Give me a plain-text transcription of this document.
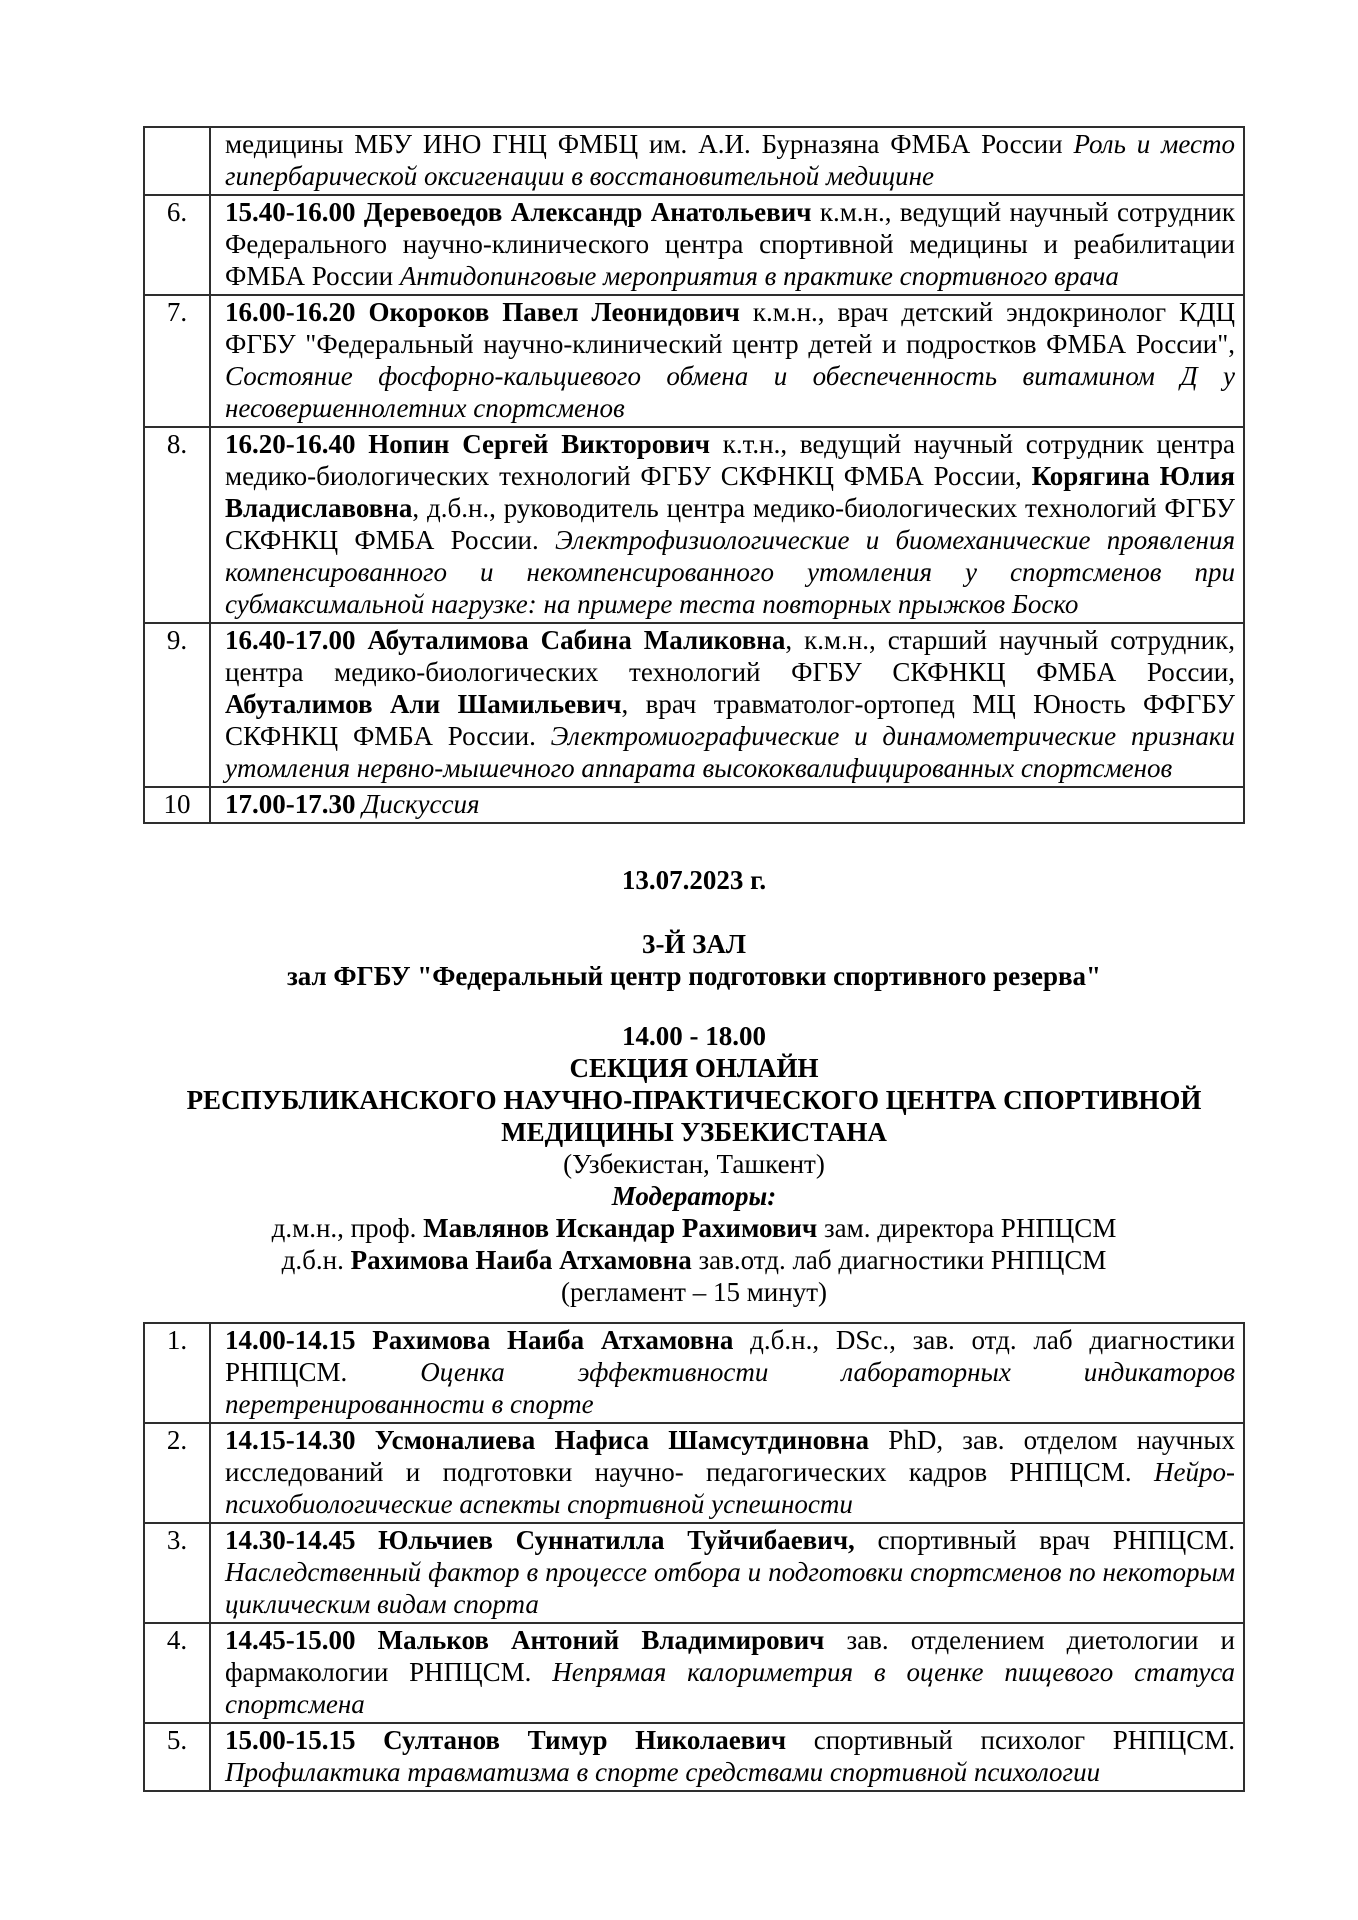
	медицины МБУ ИНО ГНЦ ФМБЦ им. А.И. Бурназяна ФМБА России Роль и место гипербарической оксигенации в восстановительной медицине
6.	15.40-16.00 Деревоедов Александр Анатольевич к.м.н., ведущий научный сотрудник Федерального научно-клинического центра спортивной медицины и реабилитации ФМБА России Антидопинговые мероприятия в практике спортивного врача
7.	16.00-16.20 Окороков Павел Леонидович к.м.н., врач детский эндокринолог КДЦ ФГБУ "Федеральный научно-клинический центр детей и подростков ФМБА России", Состояние фосфорно-кальциевого обмена и обеспеченность витамином Д у несовершеннолетних спортсменов
8.	16.20-16.40 Нопин Сергей Викторович к.т.н., ведущий научный сотрудник центра медико-биологических технологий ФГБУ СКФНКЦ ФМБА России, Корягина Юлия Владиславовна, д.б.н., руководитель центра медико-биологических технологий ФГБУ СКФНКЦ ФМБА России. Электрофизиологические и биомеханические проявления компенсированного и некомпенсированного утомления у спортсменов при субмаксимальной нагрузке: на примере теста повторных прыжков Боско
9.	16.40-17.00 Абуталимова Сабина Маликовна, к.м.н., старший научный сотрудник, центра медико-биологических технологий ФГБУ СКФНКЦ ФМБА России, Абуталимов Али Шамильевич, врач травматолог-ортопед МЦ Юность ФФГБУ СКФНКЦ ФМБА России. Электромиографические и динамометрические признаки утомления нервно-мышечного аппарата высококвалифицированных спортсменов
10	17.00-17.30 Дискуссия
13.07.2023 г.
3-Й ЗАЛ
зал ФГБУ "Федеральный центр подготовки спортивного резерва"
14.00 - 18.00
СЕКЦИЯ ОНЛАЙН
РЕСПУБЛИКАНСКОГО НАУЧНО-ПРАКТИЧЕСКОГО ЦЕНТРА СПОРТИВНОЙ
МЕДИЦИНЫ УЗБЕКИСТАНА
(Узбекистан, Ташкент)
Модераторы:
д.м.н., проф. Мавлянов Искандар Рахимович зам. директора РНПЦСМ
д.б.н. Рахимова Наиба Атхамовна зав.отд. лаб диагностики РНПЦСМ
(регламент – 15 минут)
1.	14.00-14.15 Рахимова Наиба Атхамовна д.б.н., DSc., зав. отд. лаб диагностики РНПЦСМ. Оценка эффективности лабораторных индикаторов перетренированности в спорте
2.	14.15-14.30 Усмоналиева Нафиса Шамсутдиновна PhD, зав. отделом научных исследований и подготовки научно- педагогических кадров РНПЦСМ. Нейро-психобиологические аспекты спортивной успешности
3.	14.30-14.45 Юльчиев Суннатилла Туйчибаевич, спортивный врач РНПЦСМ. Наследственный фактор в процессе отбора и подготовки спортсменов по некоторым циклическим видам спорта
4.	14.45-15.00 Мальков Антоний Владимирович зав. отделением диетологии и фармакологии РНПЦСМ. Непрямая калориметрия в оценке пищевого статуса спортсмена
5.	15.00-15.15 Султанов Тимур Николаевич спортивный психолог РНПЦСМ. Профилактика травматизма в спорте средствами спортивной психологии
